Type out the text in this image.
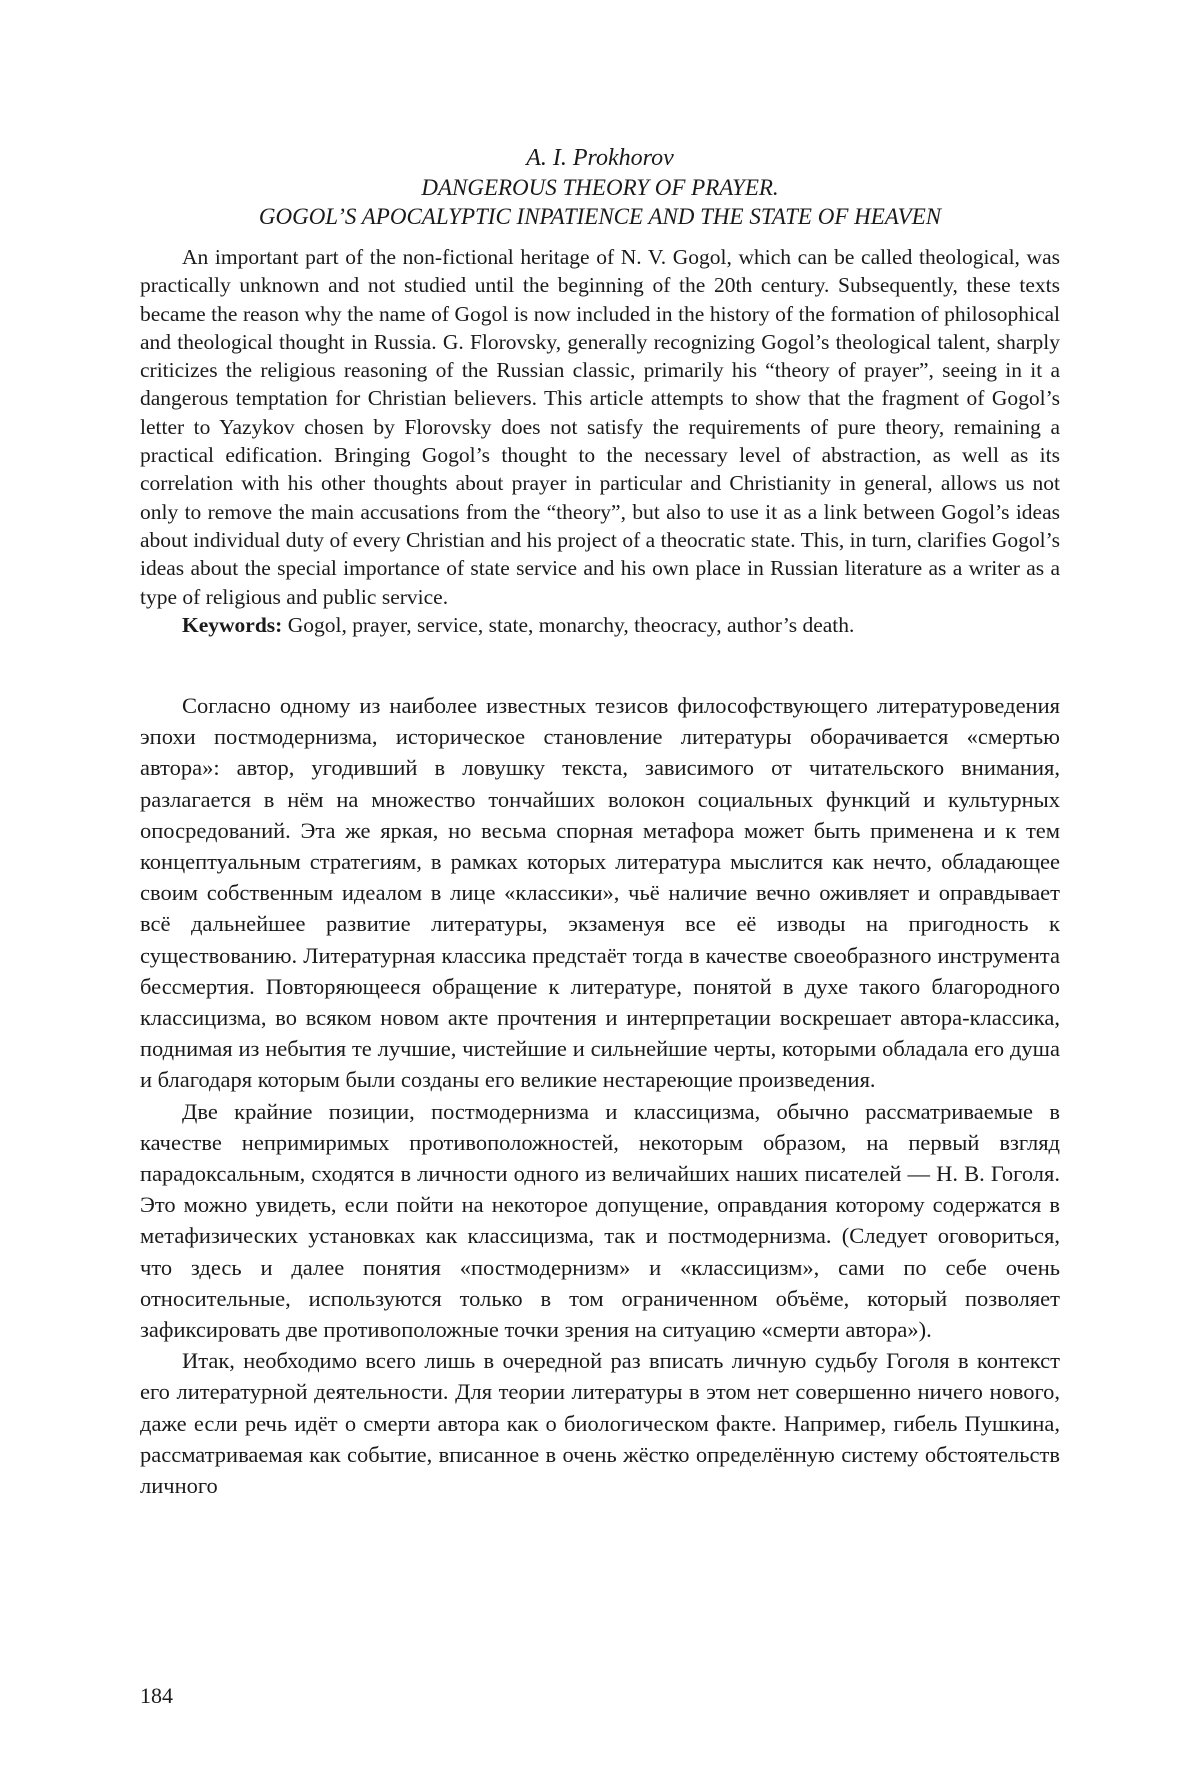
A. I. Prokhorov
DANGEROUS THEORY OF PRAYER.
GOGOL’S APOCALYPTIC INPATIENCE AND THE STATE OF HEAVEN

An important part of the non-fictional heritage of N. V. Gogol, which can be called theological, was practically unknown and not studied until the beginning of the 20th century. Subsequently, these texts became the reason why the name of Gogol is now included in the history of the formation of philosophical and theological thought in Russia. G. Florovsky, generally recognizing Gogol’s theological talent, sharply criticizes the religious reasoning of the Russian classic, primarily his “theory of prayer”, seeing in it a dangerous temptation for Christian believers. This article attempts to show that the fragment of Gogol’s letter to Yazykov chosen by Florovsky does not satisfy the requirements of pure theory, remaining a practical edification. Bringing Gogol’s thought to the necessary level of abstraction, as well as its correlation with his other thoughts about prayer in particular and Christianity in general, allows us not only to remove the main accusations from the “theory”, but also to use it as a link between Gogol’s ideas about individual duty of every Christian and his project of a theocratic state. This, in turn, clarifies Gogol’s ideas about the special importance of state service and his own place in Russian literature as a writer as a type of religious and public service.

Keywords: Gogol, prayer, service, state, monarchy, theocracy, author’s death.

Согласно одному из наиболее известных тезисов философствующего литературоведения эпохи постмодернизма, историческое становление литературы оборачивается «смертью автора»: автор, угодивший в ловушку текста, зависимого от читательского внимания, разлагается в нём на множество тончайших волокон социальных функций и культурных опосредований. Эта же яркая, но весьма спорная метафора может быть применена и к тем концептуальным стратегиям, в рамках которых литература мыслится как нечто, обладающее своим собственным идеалом в лице «классики», чьё наличие вечно оживляет и оправдывает всё дальнейшее развитие литературы, экзаменуя все её изводы на пригодность к существованию. Литературная классика предстаёт тогда в качестве своеобразного инструмента бессмертия. Повторяющееся обращение к литературе, понятой в духе такого благородного классицизма, во всяком новом акте прочтения и интерпретации воскрешает автора-классика, поднимая из небытия те лучшие, чистейшие и сильнейшие черты, которыми обладала его душа и благодаря которым были созданы его великие нестареющие произведения.

Две крайние позиции, постмодернизма и классицизма, обычно рассматриваемые в качестве непримиримых противоположностей, некоторым образом, на первый взгляд парадоксальным, сходятся в личности одного из величайших наших писателей — Н. В. Гоголя. Это можно увидеть, если пойти на некоторое допущение, оправдания которому содержатся в метафизических установках как классицизма, так и постмодернизма. (Следует оговориться, что здесь и далее понятия «постмодернизм» и «классицизм», сами по себе очень относительные, используются только в том ограниченном объёме, который позволяет зафиксировать две противоположные точки зрения на ситуацию «смерти автора»).

Итак, необходимо всего лишь в очередной раз вписать личную судьбу Гоголя в контекст его литературной деятельности. Для теории литературы в этом нет совершенно ничего нового, даже если речь идёт о смерти автора как о биологическом факте. Например, гибель Пушкина, рассматриваемая как событие, вписанное в очень жёстко определённую систему обстоятельств личного

184
